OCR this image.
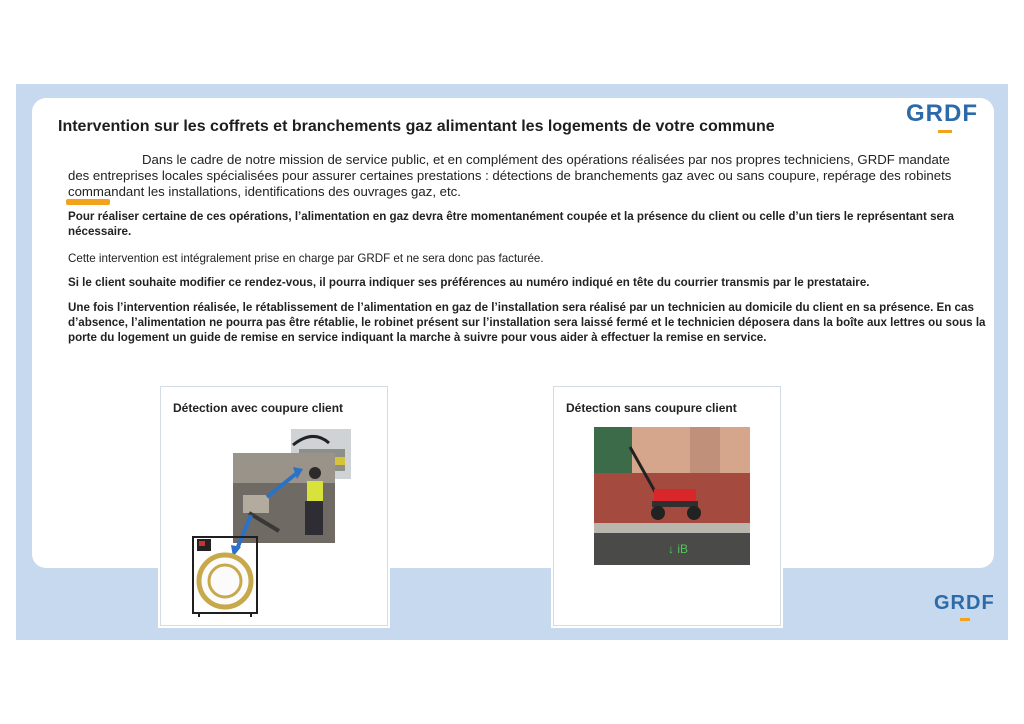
GRDF
Intervention sur les coffrets et branchements gaz alimentant les logements de votre commune
Dans le cadre de notre mission de service public, et en complément des opérations réalisées par nos propres techniciens, GRDF mandate des entreprises locales spécialisées pour assurer certaines prestations : détections de branchements gaz avec ou sans coupure, repérage des robinets commandant les installations, identifications des ouvrages gaz, etc.
Pour réaliser certaine de ces opérations, l’alimentation en gaz devra être momentanément coupée et la présence du client ou celle d’un tiers le représentant sera nécessaire.
Cette intervention est intégralement prise en charge par GRDF et ne sera donc pas facturée.
Si le client souhaite modifier ce rendez-vous, il pourra indiquer ses préférences au numéro indiqué en tête du courrier transmis par le prestataire.
Une fois l’intervention réalisée, le rétablissement de l’alimentation en gaz de l’installation sera réalisé par un technicien au domicile du client en sa présence. En cas d’absence, l’alimentation ne pourra pas être rétablie, le robinet présent sur l’installation sera laissé fermé et le technicien déposera dans la boîte aux lettres ou sous la porte du logement un guide de remise en service indiquant la marche à suivre pour vous aider à effectuer la remise en service.
Détection avec coupure client	Détection sans coupure client
↓ iB
GRDF
